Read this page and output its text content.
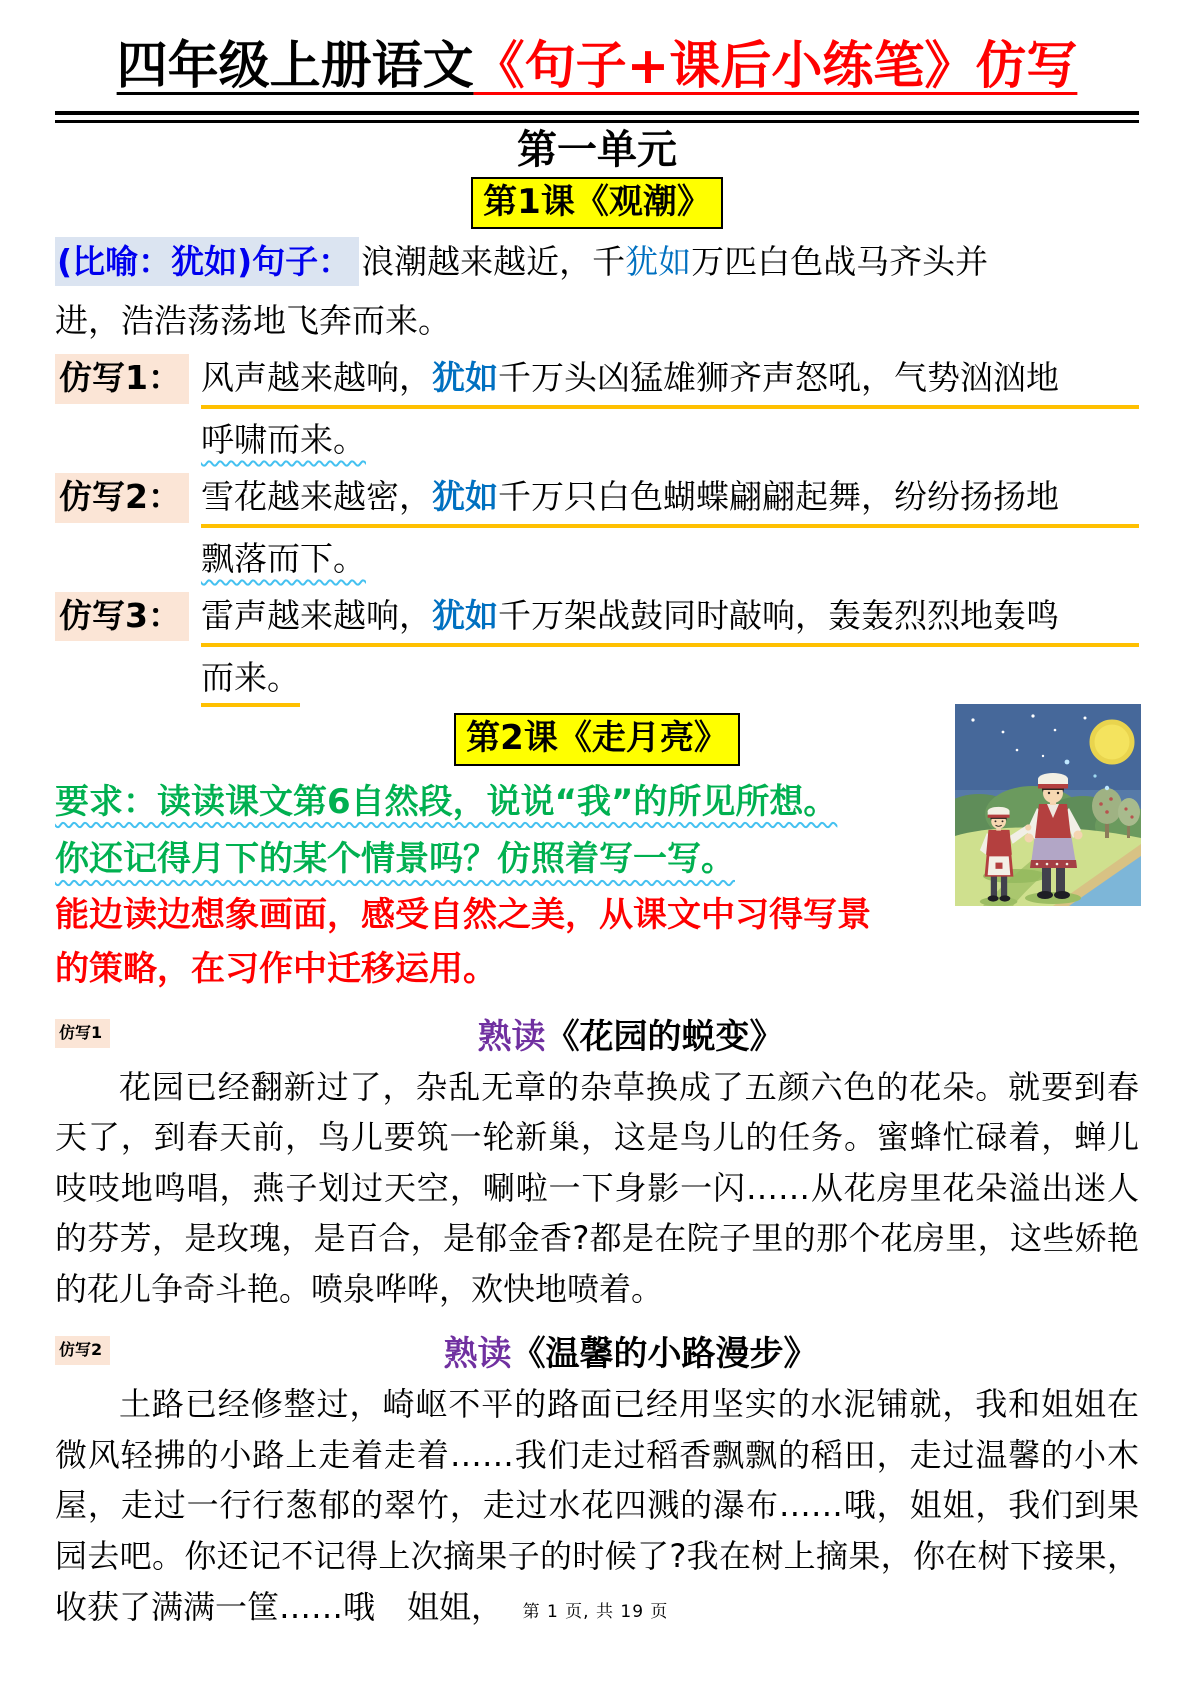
四年级上册语文《句子+课后小练笔》仿写
第一单元
第1课《观潮》
(比喻：犹如)句子： 浪潮越来越近，千犹如万匹白色战马齐头并
进，浩浩荡荡地飞奔而来。
仿写1： 风声越来越响，犹如千万头凶猛雄狮齐声怒吼，气势汹汹地
呼啸而来。
仿写2： 雪花越来越密，犹如千万只白色蝴蝶翩翩起舞，纷纷扬扬地
飘落而下。
仿写3： 雷声越来越响，犹如千万架战鼓同时敲响，轰轰烈烈地轰鸣
而来。
第2课《走月亮》
要求：读读课文第6自然段，说说“我”的所见所想。
你还记得月下的某个情景吗？仿照着写一写。
能边读边想象画面，感受自然之美，从课文中习得写景
的策略，在习作中迁移运用。
仿写1	熟读《花园的蜕变》

花园已经翻新过了，杂乱无章的杂草换成了五颜六色的花朵。就要到春天了，到春天前，鸟儿要筑一轮新巢，这是鸟儿的任务。蜜蜂忙碌着，蝉儿吱吱地鸣唱，燕子划过天空，唰啦一下身影一闪……从花房里花朵溢出迷人的芬芳，是玫瑰，是百合，是郁金香?都是在院子里的那个花房里，这些娇艳的花儿争奇斗艳。喷泉哗哗，欢快地喷着。

仿写2	熟读《温馨的小路漫步》

土路已经修整过，崎岖不平的路面已经用坚实的水泥铺就，我和姐姐在微风轻拂的小路上走着走着……我们走过稻香飘飘的稻田，走过温馨的小木屋，走过一行行葱郁的翠竹，走过水花四溅的瀑布……哦，姐姐，我们到果园去吧。你还记不记得上次摘果子的时候了?我在树上摘果，你在树下接果，收获了满满一筐……哦　姐姐，	第 1 页, 共 19 页
